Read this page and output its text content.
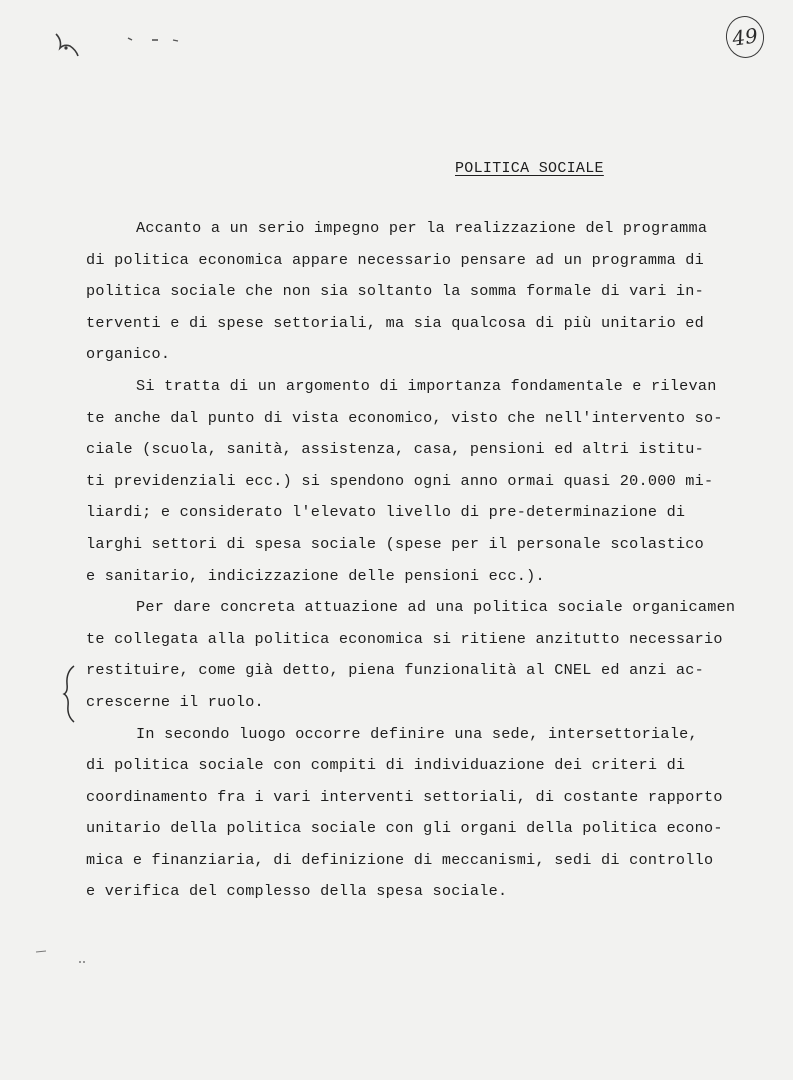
49
POLITICA SOCIALE
Accanto a un serio impegno per la realizzazione del programma
di politica economica appare necessario pensare ad un programma di
politica sociale che non sia soltanto la somma formale di vari in-
terventi e di spese settoriali, ma sia qualcosa di più unitario ed
organico.
Si tratta di un argomento di importanza fondamentale e rilevan
te anche dal punto di vista economico, visto che nell'intervento so-
ciale (scuola, sanità, assistenza, casa, pensioni ed altri istitu-
ti previdenziali ecc.) si spendono ogni anno ormai quasi 20.000 mi-
liardi; e considerato l'elevato livello di pre-determinazione di
larghi settori di spesa sociale (spese per il personale scolastico
e sanitario, indicizzazione delle pensioni ecc.).
Per dare concreta attuazione ad una politica sociale organicamen
te collegata alla politica economica si ritiene anzitutto necessario
restituire, come già detto, piena funzionalità al CNEL ed anzi ac-
crescerne il ruolo.
In secondo luogo occorre definire una sede, intersettoriale,
di politica sociale con compiti di individuazione dei criteri di
coordinamento fra i vari interventi settoriali, di costante rapporto
unitario della politica sociale con gli organi della politica econo-
mica e finanziaria, di definizione di meccanismi, sedi di controllo
e verifica del complesso della spesa sociale.
